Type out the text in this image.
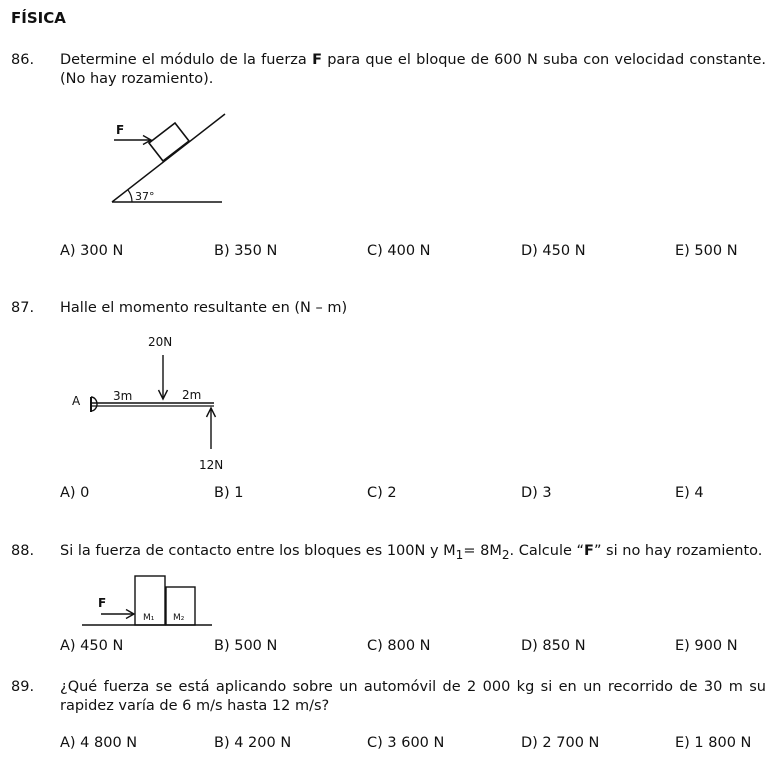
FÍSICA
86. Determine el módulo de la fuerza F para que el bloque de 600 N suba con velocidad constante. (No hay rozamiento).
37°
F
A	3m	2m
20N
12N
M₁ M₂
F
A) 300 N	B) 350 N	C) 400 N	D) 450 N	E) 500 N
87. Halle el momento resultante en (N – m)
A) 0	B) 1	C) 2	D) 3	E) 4
88. Si la fuerza de contacto entre los bloques es 100N y $M_1= 8M_2$. Calcule “F” si no hay rozamiento.
A) 450 N	B) 500 N	C) 800 N	D) 850 N	E) 900 N
89. ¿Qué fuerza se está aplicando sobre un automóvil de 2 000 kg si en un recorrido de 30 m su rapidez varía de 6 m/s hasta 12 m/s?
A) 4 800 N	B) 4 200 N	C) 3 600 N	D) 2 700 N	E) 1 800 N
